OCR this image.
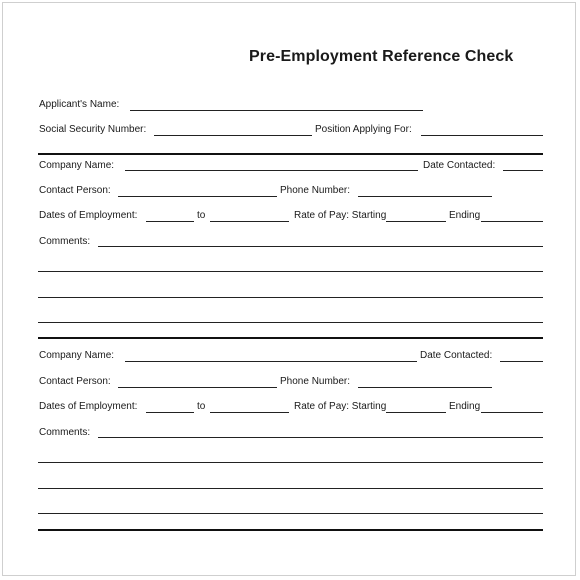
Pre-Employment Reference Check
Applicant's Name:
Social Security Number:	Position Applying For:
Company Name:	Date Contacted:
Contact Person:	Phone Number:
Dates of Employment:	to	Rate of Pay: Starting	Ending
Comments:
Company Name:	Date Contacted:
Contact Person:	Phone Number:
Dates of Employment:	to	Rate of Pay: Starting	Ending
Comments:
